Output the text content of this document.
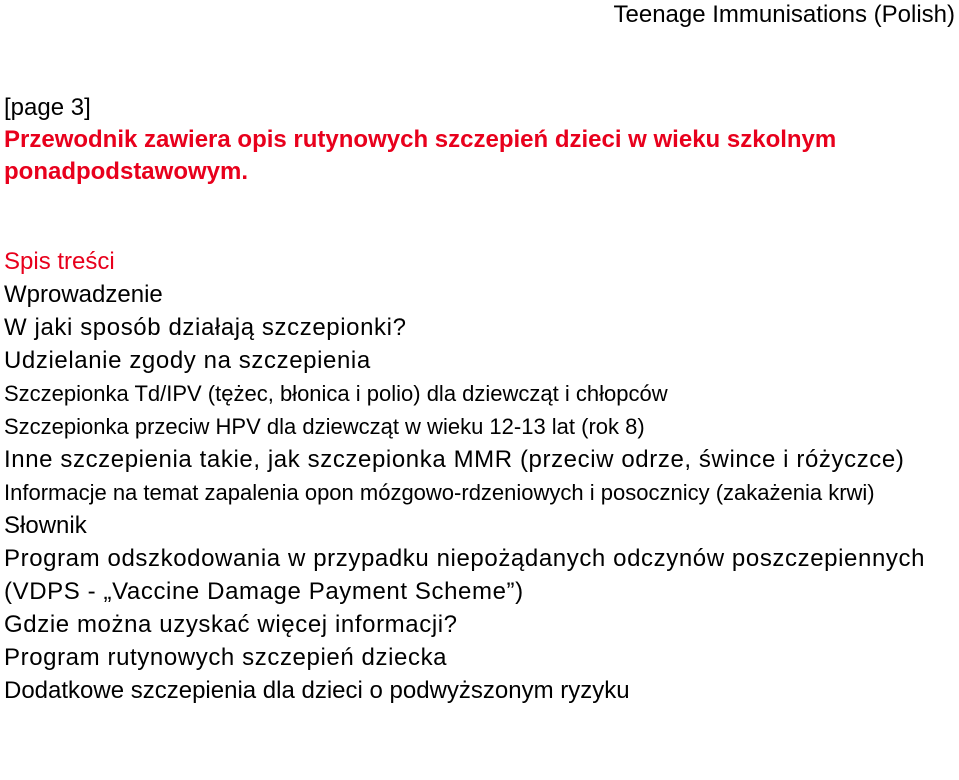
Teenage Immunisations (Polish)

[page 3]

Przewodnik zawiera opis rutynowych szczepień dzieci w wieku szkolnym ponadpodstawowym.

Spis treści
Wprowadzenie
W jaki sposób działają szczepionki?
Udzielanie zgody na szczepienia
Szczepionka Td/IPV (tężec, błonica i polio) dla dziewcząt i chłopców
Szczepionka przeciw HPV dla dziewcząt w wieku 12-13 lat (rok 8)
Inne szczepienia takie, jak szczepionka MMR (przeciw odrze, śwince i różyczce)
Informacje na temat zapalenia opon mózgowo-rdzeniowych i posocznicy (zakażenia krwi)
Słownik
Program odszkodowania w przypadku niepożądanych odczynów poszczepiennych (VDPS - „Vaccine Damage Payment Scheme”)
Gdzie można uzyskać więcej informacji?
Program rutynowych szczepień dziecka
Dodatkowe szczepienia dla dzieci o podwyższonym ryzyku
